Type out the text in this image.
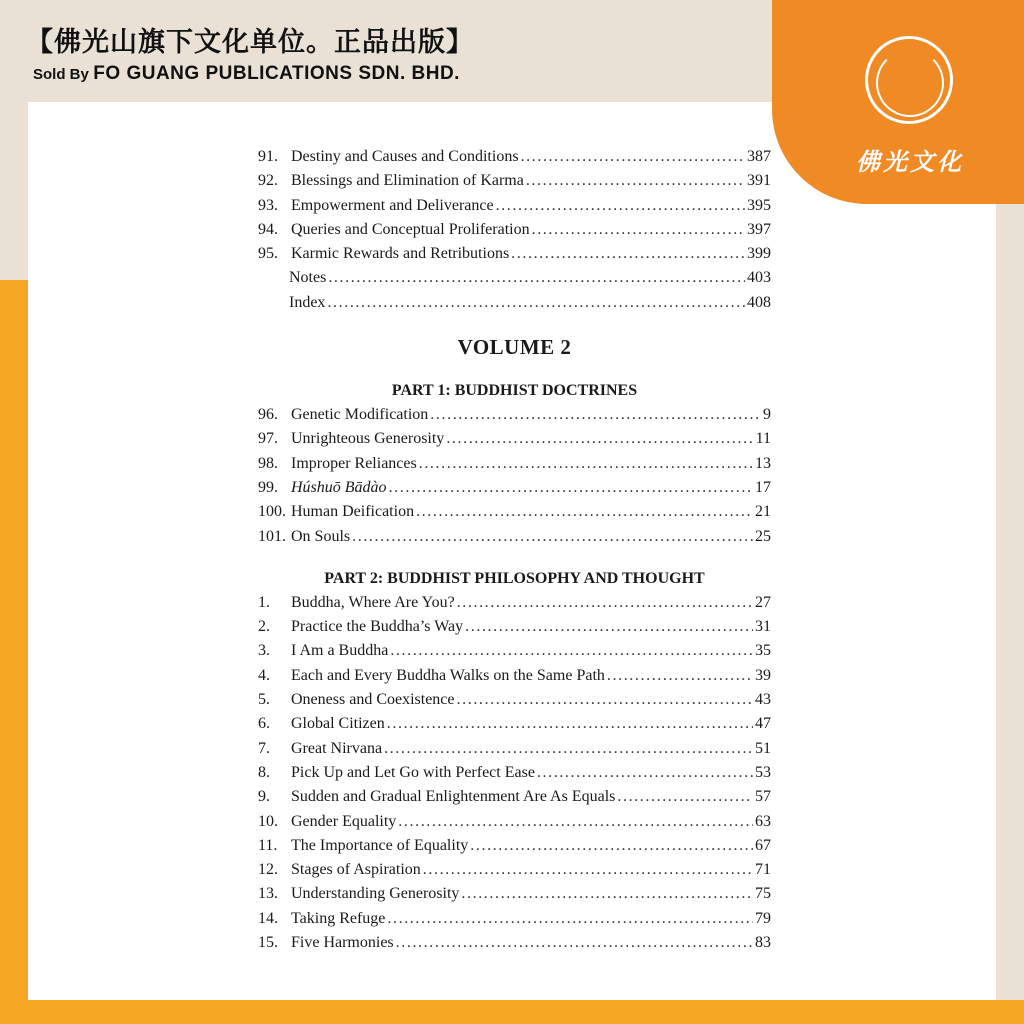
【佛光山旗下文化单位。正品出版】
Sold By FO GUANG PUBLICATIONS SDN. BHD.
佛光文化
91. Destiny and Causes and Conditions .....	387
92. Blessings and Elimination of Karma .....	391
93. Empowerment and Deliverance .....	395
94. Queries and Conceptual Proliferation .....	397
95. Karmic Rewards and Retributions .....	399
Notes .....	403
Index .....	408
VOLUME 2
PART 1: BUDDHIST DOCTRINES
96. Genetic Modification .....	9
97. Unrighteous Generosity .....	11
98. Improper Reliances .....	13
99. Húshuō Bādào .....	17
100. Human Deification .....	21
101. On Souls .....	25
PART 2: BUDDHIST PHILOSOPHY AND THOUGHT
1.	Buddha, Where Are You? .....	27
2.	Practice the Buddha’s Way .....	31
3.	I Am a Buddha .....	35
4.	Each and Every Buddha Walks on the Same Path .....	39
5.	Oneness and Coexistence .....	43
6.	Global Citizen .....	47
7.	Great Nirvana .....	51
8.	Pick Up and Let Go with Perfect Ease .....	53
9.	Sudden and Gradual Enlightenment Are As Equals .....	57
10. Gender Equality .....	63
11. The Importance of Equality .....	67
12. Stages of Aspiration .....	71
13. Understanding Generosity .....	75
14. Taking Refuge .....	79
15. Five Harmonies .....	83
